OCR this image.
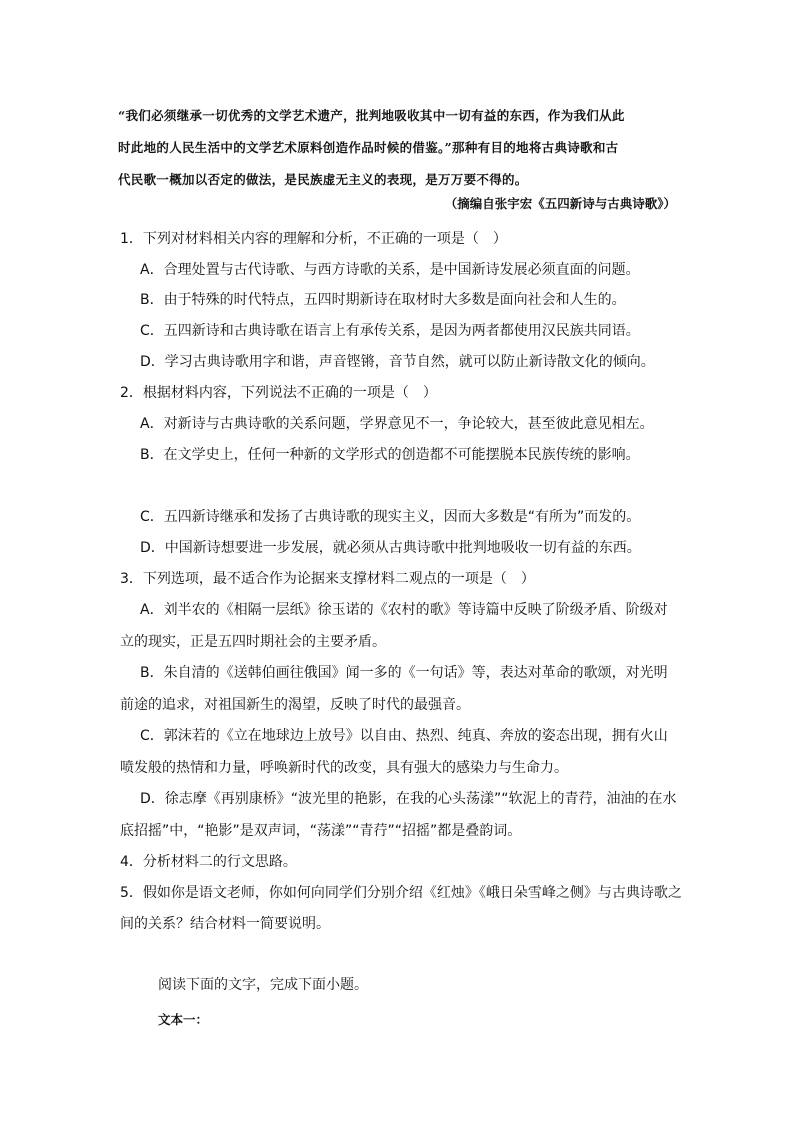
“我们必须继承一切优秀的文学艺术遗产，批判地吸收其中一切有益的东西，作为我们从此

时此地的人民生活中的文学艺术原料创造作品时候的借鉴。”那种有目的地将古典诗歌和古

代民歌一概加以否定的做法，是民族虚无主义的表现，是万万要不得的。

（摘编自张宇宏《五四新诗与古典诗歌》）
1．下列对材料相关内容的理解和分析，不正确的一项是（　）
A．合理处置与古代诗歌、与西方诗歌的关系，是中国新诗发展必须直面的问题。
B．由于特殊的时代特点，五四时期新诗在取材时大多数是面向社会和人生的。
C．五四新诗和古典诗歌在语言上有承传关系，是因为两者都使用汉民族共同语。
D．学习古典诗歌用字和谐，声音铿锵，音节自然，就可以防止新诗散文化的倾向。
2．根据材料内容，下列说法不正确的一项是（　）
A．对新诗与古典诗歌的关系问题，学界意见不一，争论较大，甚至彼此意见相左。
B．在文学史上，任何一种新的文学形式的创造都不可能摆脱本民族传统的影响。
C．五四新诗继承和发扬了古典诗歌的现实主义，因而大多数是“有所为”而发的。
D．中国新诗想要进一步发展，就必须从古典诗歌中批判地吸收一切有益的东西。
3．下列选项，最不适合作为论据来支撑材料二观点的一项是（　）
A．刘半农的《相隔一层纸》徐玉诺的《农村的歌》等诗篇中反映了阶级矛盾、阶级对
立的现实，正是五四时期社会的主要矛盾。
B．朱自清的《送韩伯画往俄国》闻一多的《一句话》等，表达对革命的歌颂，对光明
前途的追求，对祖国新生的渴望，反映了时代的最强音。
C．郭沫若的《立在地球边上放号》以自由、热烈、纯真、奔放的姿态出现，拥有火山
喷发般的热情和力量，呼唤新时代的改变，具有强大的感染力与生命力。
D．徐志摩《再别康桥》“波光里的艳影，在我的心头荡漾”“软泥上的青荇，油油的在水
底招摇”中，“艳影”是双声词，“荡漾”“青荇”“招摇”都是叠韵词。
4．分析材料二的行文思路。
5．假如你是语文老师，你如何向同学们分别介绍《红烛》《峨日朵雪峰之侧》与古典诗歌之
间的关系？结合材料一简要说明。
阅读下面的文字，完成下面小题。
文本一：
